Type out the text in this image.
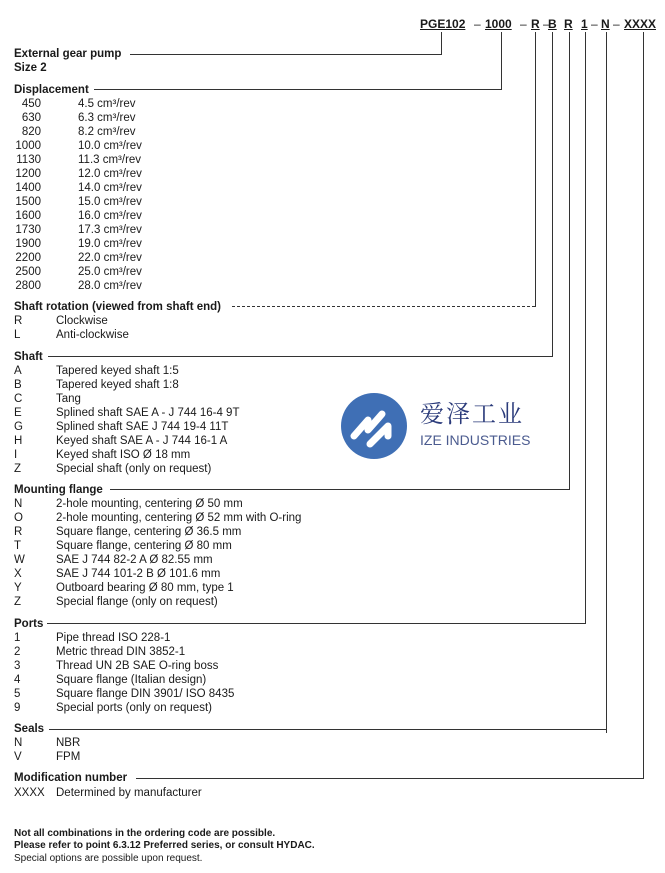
PGE102 – 1000 – R –
B R 1 – N – XXXX
External gear pump
Size 2
Displacement
450	4.5 cm³/rev
630	6.3 cm³/rev
820	8.2 cm³/rev
1000	10.0 cm³/rev
1130	11.3 cm³/rev
1200	12.0 cm³/rev
1400	14.0 cm³/rev
1500	15.0 cm³/rev
1600	16.0 cm³/rev
1730	17.3 cm³/rev
1900	19.0 cm³/rev
2200	22.0 cm³/rev
2500	25.0 cm³/rev
2800	28.0 cm³/rev
Shaft rotation (viewed from shaft end)
R	Clockwise
L	Anti-clockwise
Shaft
A	Tapered keyed shaft 1:5
B	Tapered keyed shaft 1:8
C	Tang
E	Splined shaft SAE A - J 744 16-4 9T
G	Splined shaft SAE J 744 19-4 11T
H	Keyed shaft SAE A - J 744 16-1 A
I	Keyed shaft ISO Ø 18 mm
Z	Special shaft (only on request)
Mounting flange
N	2-hole mounting, centering Ø 50 mm
O	2-hole mounting, centering Ø 52 mm with O-ring
R	Square flange, centering Ø 36.5 mm
T	Square flange, centering Ø 80 mm
W	SAE J 744 82-2 A Ø 82.55 mm
X	SAE J 744 101-2 B Ø 101.6 mm
Y	Outboard bearing Ø 80 mm, type 1
Z	Special flange (only on request)
Ports
1	Pipe thread ISO 228-1
2	Metric thread DIN 3852-1
3	Thread UN 2B SAE O-ring boss
4	Square flange (Italian design)
5	Square flange DIN 3901/ ISO 8435
9	Special ports (only on request)
Seals
N	NBR
V	FPM
Modification number
XXXX Determined by manufacturer
Not all combinations in the ordering code are possible.
Please refer to point 6.3.12 Preferred series, or consult HYDAC.
Special options are possible upon request.
爱泽工业
IZE INDUSTRIES
